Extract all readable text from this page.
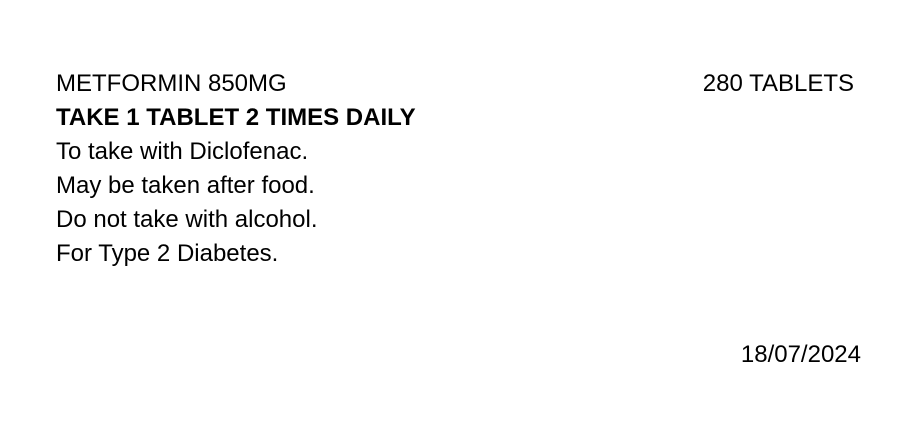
METFORMIN 850MG	280 TABLETS
TAKE 1 TABLET 2 TIMES DAILY
To take with Diclofenac.
May be taken after food.
Do not take with alcohol.
For Type 2 Diabetes.
18/07/2024
